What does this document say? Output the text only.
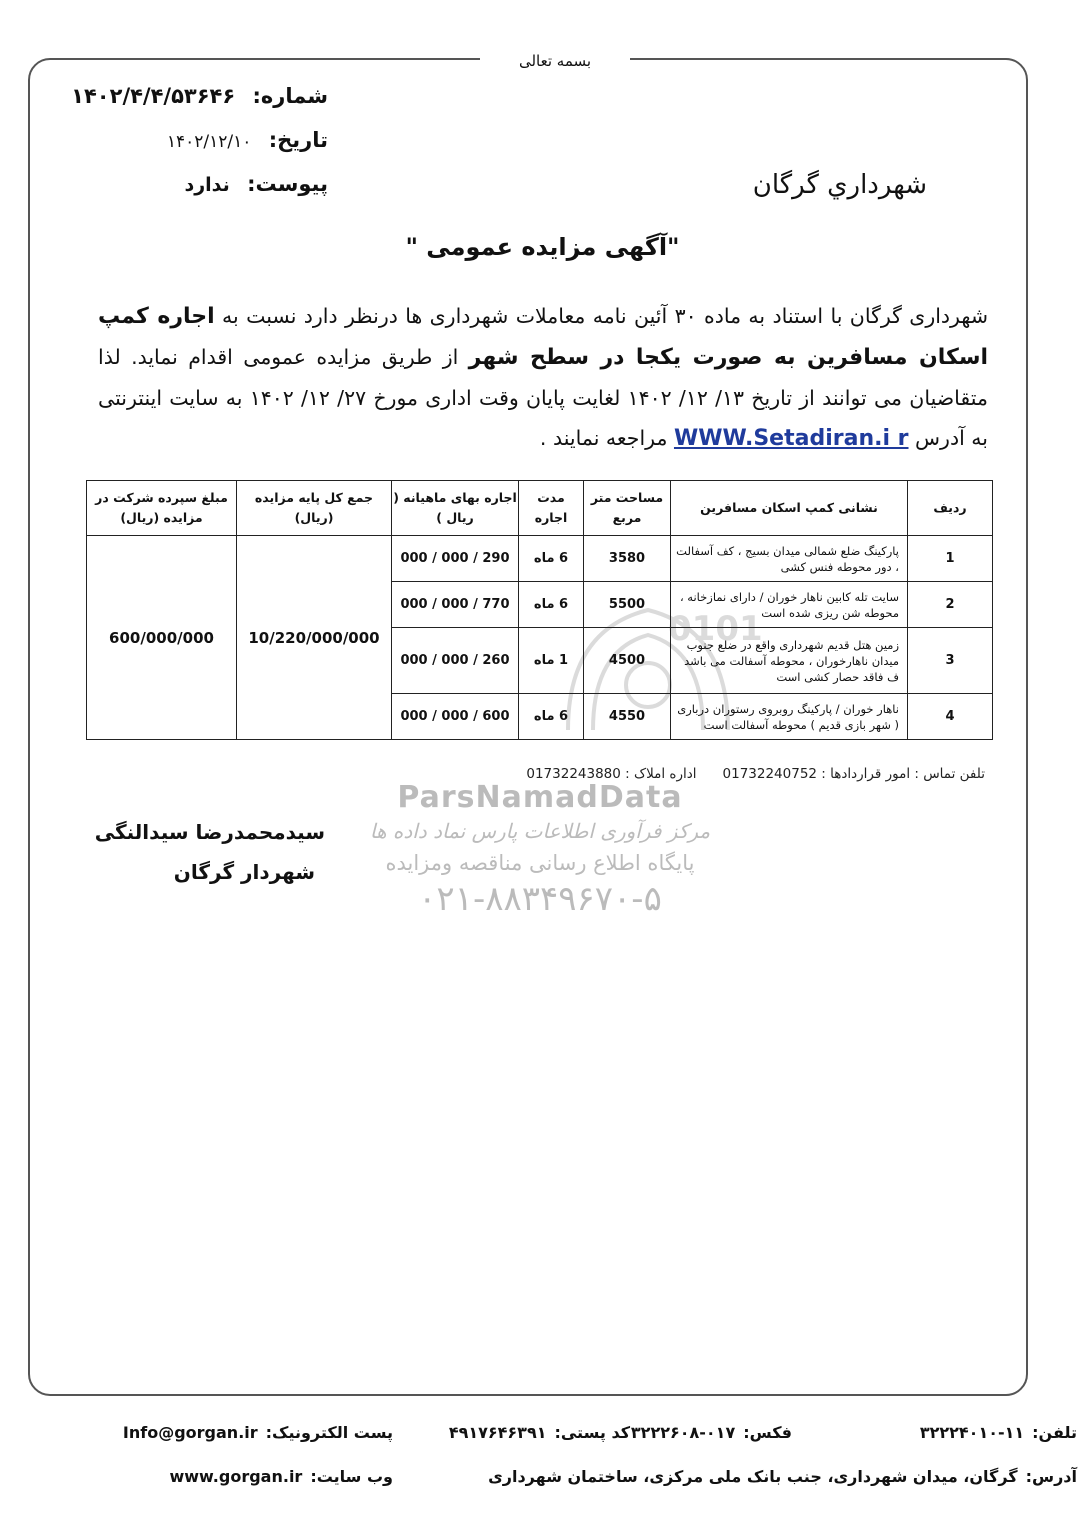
بسمه تعالی
شماره: ۱۴۰۲/۴/۴/۵۳۶۴۶
تاریخ: ۱۴۰۲/۱۲/۱۰
پیوست: ندارد	شهرداري گرگان
"آگهی مزایده عمومی "
شهرداری گرگان با استناد به ماده ۳۰ آئین نامه معاملات شهرداری ها درنظر دارد نسبت به اجاره کمپ اسکان مسافرین به صورت یکجا در سطح شهر از طریق مزایده عمومی اقدام نماید. لذا متقاضیان می توانند از تاریخ ۱۳/ ۱۲/ ۱۴۰۲ لغایت پایان وقت اداری مورخ ۲۷/ ۱۲/ ۱۴۰۲ به سایت اینترنتی به آدرس WWW.Setadiran.i r مراجعه نمایند .
0101
ردیف	نشانی کمپ اسکان مسافرین	مساحت متر مربع	مدت اجاره	اجاره بهای ماهیانه ( ریال )	جمع کل پایه مزایده (ریال)	مبلغ سپرده شرکت در مزایده (ریال)
1	پارکینگ ضلع شمالی میدان بسیج ، کف آسفالت ، دور محوطه فنس کشی	3580	6 ماه	290 / 000 / 000	10/220/000/000	600/000/000
2	سایت تله کابین ناهار خوران / دارای نمازخانه ، محوطه شن ریزی شده است	5500	6 ماه	770 / 000 / 000		
3	زمین هتل قدیم شهرداری واقع در ضلع جنوب میدان ناهارخوران ، محوطه آسفالت می باشد ف فاقد حصار کشی است	4500	1 ماه	260 / 000 / 000		
4	ناهار خوران / پارکینگ روبروی رستوران درباری ( شهر بازی قدیم ) محوطه آسفالت است	4550	6 ماه	600 / 000 / 000		
تلفن تماس : امور قراردادها : 01732240752اداره املاک : 01732243880
ParsNamadData
مرکز فرآوری اطلاعات پارس نماد داده ها
پایگاه اطلاع رسانی مناقصه ومزایده
۰۲۱-۸۸۳۴۹۶۷۰-۵
سیدمحمدرضا سیدالنگی
شهردار گرگان
تلفن:۱۱-۳۲۲۲۴۰۱۰
فکس:۰۱۷-۳۲۲۲۶۰۸
کد پستی:۴۹۱۷۶۴۶۳۹۱
پست الکترونیک:Info@gorgan.ir
آدرس:گرگان، میدان شهرداری، جنب بانک ملی مرکزی، ساختمان شهرداری
وب سایت:www.gorgan.ir
